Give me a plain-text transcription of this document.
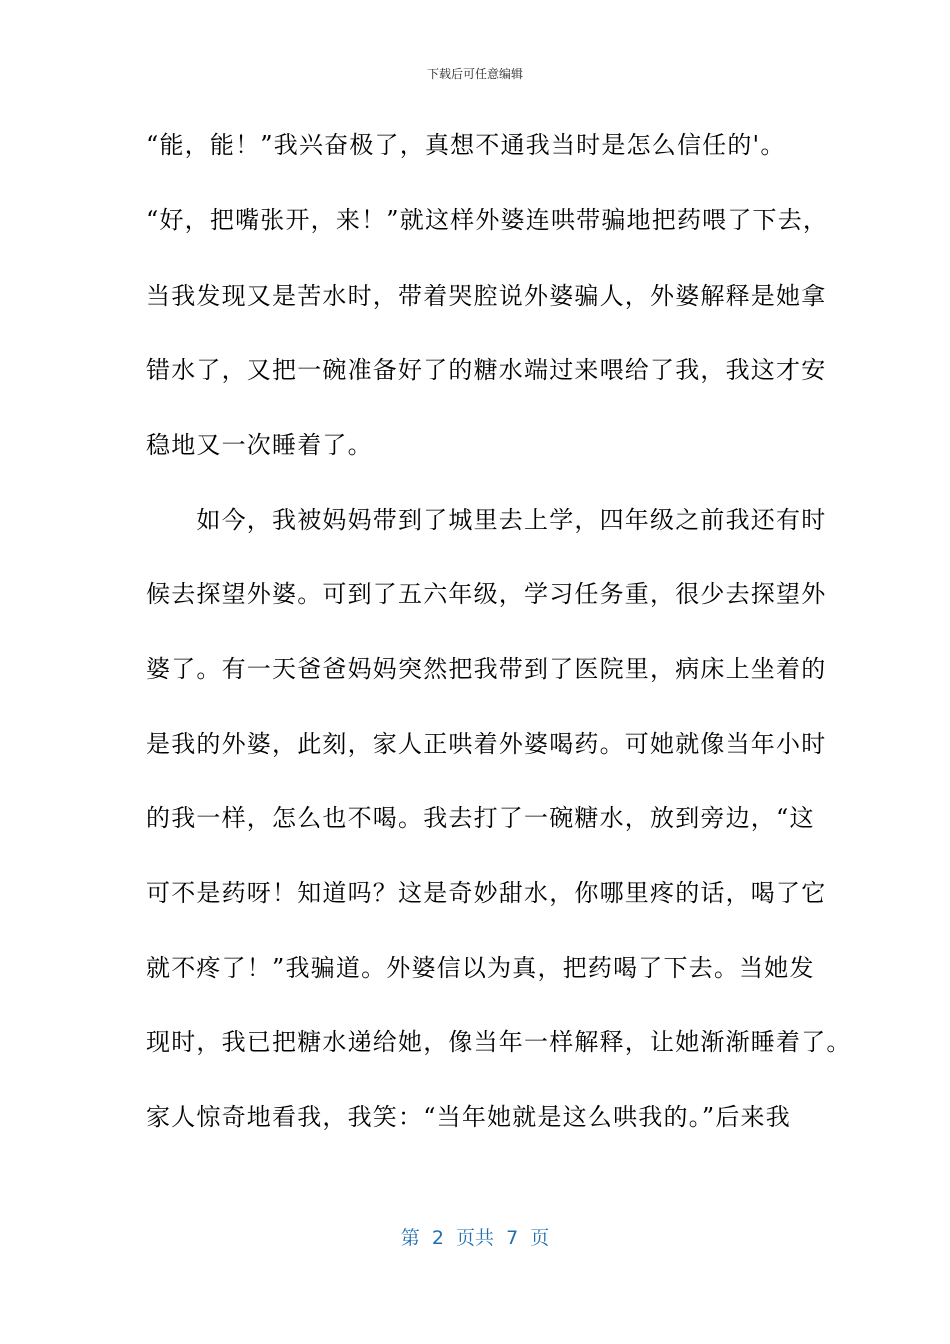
下载后可任意编辑
“能，能！”我兴奋极了，真想不通我当时是怎么信任的'。
“好，把嘴张开，来！”就这样外婆连哄带骗地把药喂了下去，
当我发现又是苦水时，带着哭腔说外婆骗人，外婆解释是她拿
错水了，又把一碗准备好了的糖水端过来喂给了我，我这才安
稳地又一次睡着了。
　　如今，我被妈妈带到了城里去上学，四年级之前我还有时
候去探望外婆。可到了五六年级，学习任务重，很少去探望外
婆了。有一天爸爸妈妈突然把我带到了医院里，病床上坐着的
是我的外婆，此刻，家人正哄着外婆喝药。可她就像当年小时
的我一样，怎么也不喝。我去打了一碗糖水，放到旁边，“这
可不是药呀！知道吗？这是奇妙甜水，你哪里疼的话，喝了它
就不疼了！”我骗道。外婆信以为真，把药喝了下去。当她发
现时，我已把糖水递给她，像当年一样解释，让她渐渐睡着了。
家人惊奇地看我，我笑：“当年她就是这么哄我的。”后来我
第  2  页共  7  页
